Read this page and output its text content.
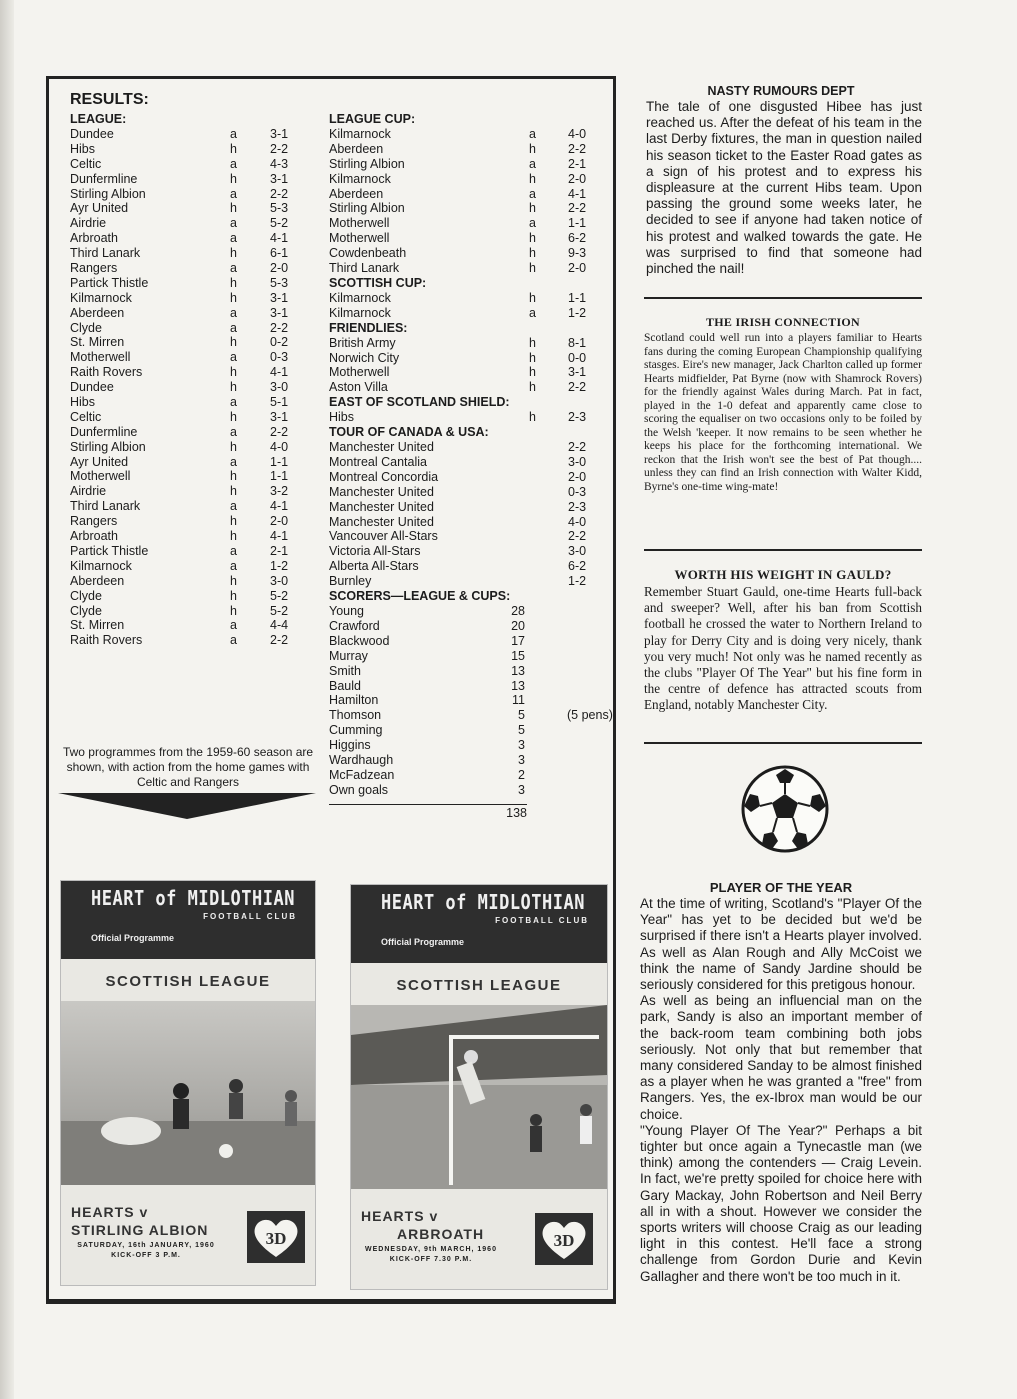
RESULTS:
LEAGUE:
Dundee	a	3-1
Hibs	h	2-2
Celtic	a	4-3
Dunfermline	h	3-1
Stirling Albion	a	2-2
Ayr United	h	5-3
Airdrie	a	5-2
Arbroath	a	4-1
Third Lanark	h	6-1
Rangers	a	2-0
Partick Thistle	h	5-3
Kilmarnock	h	3-1
Aberdeen	a	3-1
Clyde	a	2-2
St. Mirren	h	0-2
Motherwell	a	0-3
Raith Rovers	h	4-1
Dundee	h	3-0
Hibs	a	5-1
Celtic	h	3-1
Dunfermline	a	2-2
Stirling Albion	h	4-0
Ayr United	a	1-1
Motherwell	h	1-1
Airdrie	h	3-2
Third Lanark	a	4-1
Rangers	h	2-0
Arbroath	h	4-1
Partick Thistle	a	2-1
Kilmarnock	a	1-2
Aberdeen	h	3-0
Clyde	h	5-2
Clyde	h	5-2
St. Mirren	a	4-4
Raith Rovers	a	2-2
LEAGUE CUP:
Kilmarnock	a	4-0
Aberdeen	h	2-2
Stirling Albion	a	2-1
Kilmarnock	h	2-0
Aberdeen	a	4-1
Stirling Albion	h	2-2
Motherwell	a	1-1
Motherwell	h	6-2
Cowdenbeath	h	9-3
Third Lanark	h	2-0
SCOTTISH CUP:
Kilmarnock	h	1-1
Kilmarnock	a	1-2
FRIENDLIES:
British Army	h	8-1
Norwich City	h	0-0
Motherwell	h	3-1
Aston Villa	h	2-2
EAST OF SCOTLAND SHIELD:
Hibs	h	2-3
TOUR OF CANADA & USA:
Manchester United	2-2
Montreal Cantalia	3-0
Montreal Concordia	2-0
Manchester United	0-3
Manchester United	2-3
Manchester United	4-0
Vancouver All-Stars	2-2
Victoria All-Stars	3-0
Alberta All-Stars	6-2
Burnley	1-2
SCORERS—LEAGUE & CUPS:
Young	28
Crawford	20
Blackwood	17
Murray	15
Smith	13
Bauld	13
Hamilton	11
Thomson	5	(5 pens)
Cumming	5
Higgins	3
Wardhaugh	3
McFadzean	2
Own goals	3
138
Two programmes from the 1959-60 season are shown, with action from the home games with Celtic and Rangers
HEART of MIDLOTHIAN
FOOTBALL CLUB
Official Programme
SCOTTISH LEAGUE
HEARTS v
STIRLING ALBION
SATURDAY, 16th JANUARY, 1960
KICK-OFF 3 P.M.
3D
HEART of MIDLOTHIAN
FOOTBALL CLUB
Official Programme
SCOTTISH LEAGUE
HEARTS v
ARBROATH
WEDNESDAY, 9th MARCH, 1960
KICK-OFF 7.30 P.M.
3D
NASTY RUMOURS DEPT
The tale of one disgusted Hibee has just reached us. After the defeat of his team in the last Derby fixtures, the man in question nailed his season ticket to the Easter Road gates as a sign of his protest and to express his displeasure at the current Hibs team. Upon passing the ground some weeks later, he decided to see if anyone had taken notice of his protest and walked towards the gate. He was surprised to find that someone had pinched the nail!
THE IRISH CONNECTION
Scotland could well run into a players familiar to Hearts fans during the coming European Championship qualifying stasges. Eire's new manager, Jack Charlton called up former Hearts midfielder, Pat Byrne (now with Shamrock Rovers) for the friendly against Wales during March. Pat in fact, played in the 1-0 defeat and apparently came close to scoring the equaliser on two occasions only to be foiled by the Welsh 'keeper. It now remains to be seen whether he keeps his place for the forthcoming international. We reckon that the Irish won't see the best of Pat though.... unless they can find an Irish connection with Walter Kidd, Byrne's one-time wing-mate!
WORTH HIS WEIGHT IN GAULD?
Remember Stuart Gauld, one-time Hearts full-back and sweeper? Well, after his ban from Scottish football he crossed the water to Northern Ireland to play for Derry City and is doing very nicely, thank you very much! Not only was he named recently as the clubs "Player Of The Year" but his fine form in the centre of defence has attracted scouts from England, notably Manchester City.
PLAYER OF THE YEAR
At the time of writing, Scotland's "Player Of the Year" has yet to be decided but we'd be surprised if there isn't a Hearts player involved. As well as Alan Rough and Ally McCoist we think the name of Sandy Jardine should be seriously considered for this pretigous honour.
As well as being an influencial man on the park, Sandy is also an important member of the back-room team combining both jobs seriously. Not only that but remember that many considered Sanday to be almost finished as a player when he was granted a "free" from Rangers. Yes, the ex-Ibrox man would be our choice.
"Young Player Of The Year?" Perhaps a bit tighter but once again a Tynecastle man (we think) among the contenders — Craig Levein. In fact, we're pretty spoiled for choice here with Gary Mackay, John Robertson and Neil Berry all in with a shout. However we consider the sports writers will choose Craig as our leading light in this contest. He'll face a strong challenge from Gordon Durie and Kevin Gallagher and there won't be too much in it.
